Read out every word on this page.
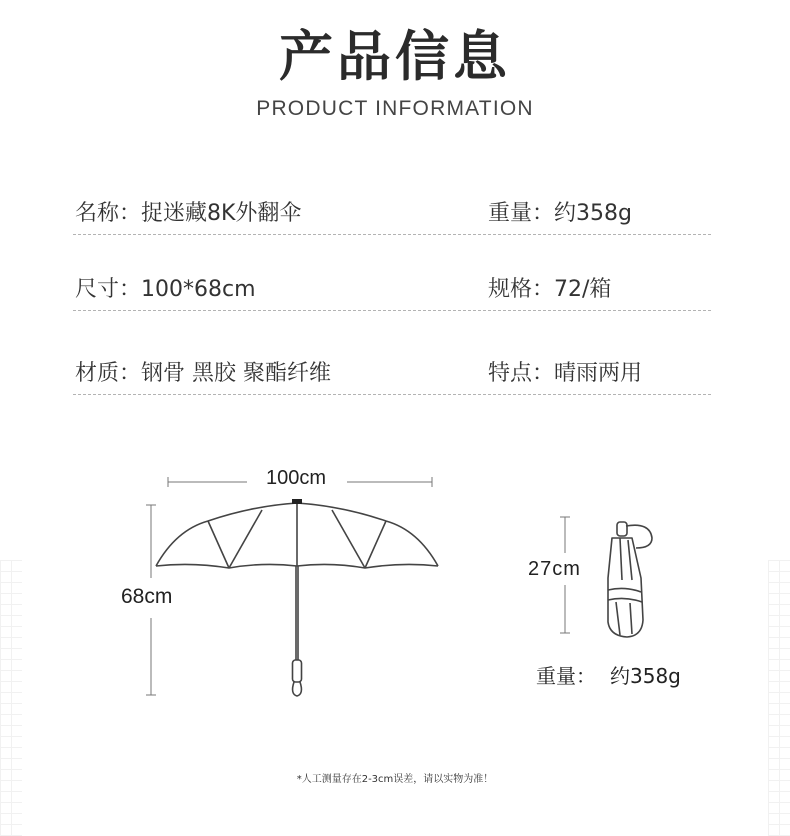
产品信息
PRODUCT INFORMATION
名称：捉迷藏8K外翻伞	重量：约358g
尺寸：100*68cm	规格：72/箱
材质：钢骨 黑胶 聚酯纤维	特点：晴雨两用
100cm
68cm
27cm
重量： 约358g
*人工测量存在2-3cm误差，请以实物为准！
